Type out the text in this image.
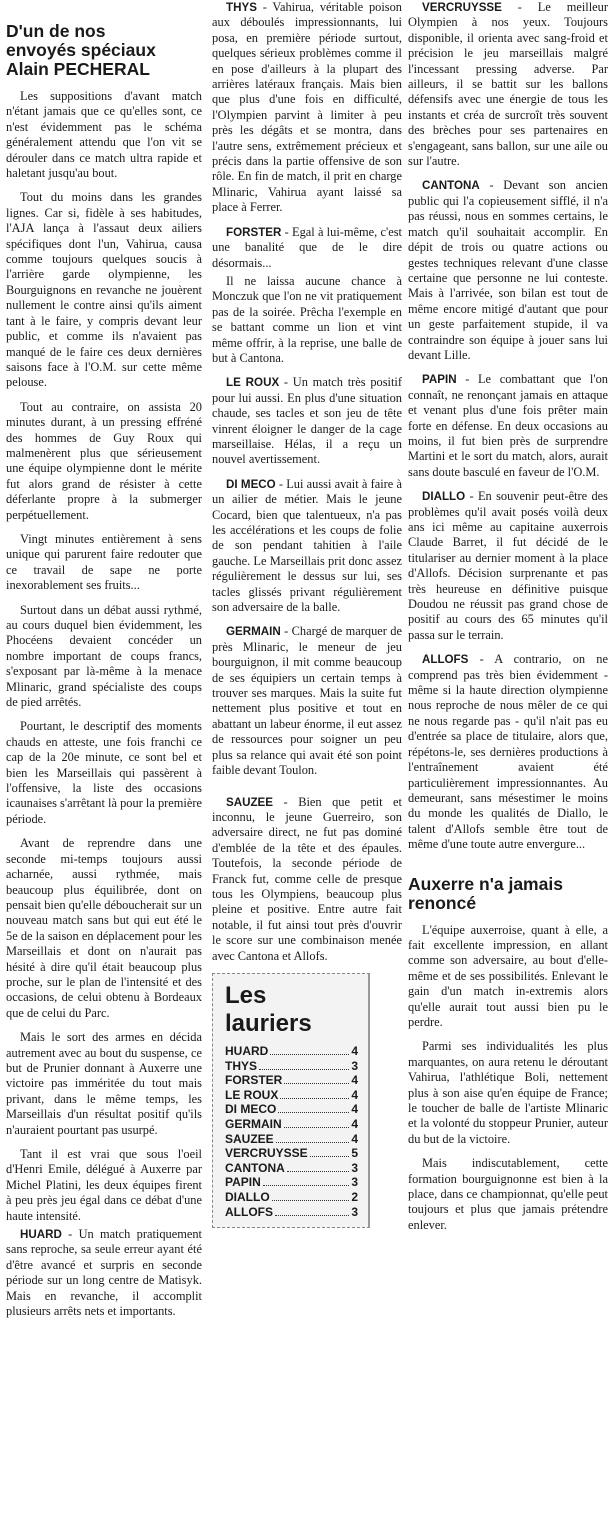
D'un de nos
envoyés spéciaux
Alain PECHERAL

Les suppositions d'avant match n'étant jamais que ce qu'elles sont, ce n'est évidemment pas le schéma généralement attendu que l'on vit se dérouler dans ce match ultra rapide et haletant jusqu'au bout.

Tout du moins dans les grandes lignes. Car si, fidèle à ses habitudes, l'AJA lança à l'assaut deux ailiers spécifiques dont l'un, Vahirua, causa comme toujours quelques soucis à l'arrière garde olympienne, les Bourguignons en revanche ne jouèrent nullement le contre ainsi qu'ils aiment tant à le faire, y compris devant leur public, et comme ils n'avaient pas manqué de le faire ces deux dernières saisons face à l'O.M. sur cette même pelouse.

Tout au contraire, on assista 20 minutes durant, à un pressing effréné des hommes de Guy Roux qui malmenèrent plus que sérieusement une équipe olympienne dont le mérite fut alors grand de résister à cette déferlante propre à la submerger perpétuellement.

Vingt minutes entièrement à sens unique qui parurent faire redouter que ce travail de sape ne porte inexorablement ses fruits...

Surtout dans un débat aussi rythmé, au cours duquel bien évidemment, les Phocéens devaient concéder un nombre important de coups francs, s'exposant par là-même à la menace Mlinaric, grand spécialiste des coups de pied arrêtés.

Pourtant, le descriptif des moments chauds en atteste, une fois franchi ce cap de la 20e minute, ce sont bel et bien les Marseillais qui passèrent à l'offensive, la liste des occasions icaunaises s'arrêtant là pour la première période.

Avant de reprendre dans une seconde mi-temps toujours aussi acharnée, aussi rythmée, mais beaucoup plus équilibrée, dont on pensait bien qu'elle déboucherait sur un nouveau match sans but qui eut été le 5e de la saison en déplacement pour les Marseillais et dont on n'aurait pas hésité à dire qu'il était beaucoup plus proche, sur le plan de l'intensité et des occasions, de celui obtenu à Bordeaux que de celui du Parc.

Mais le sort des armes en décida autrement avec au bout du suspense, ce but de Prunier donnant à Auxerre une victoire pas imméritée du tout mais privant, dans le même temps, les Marseillais d'un résultat positif qu'ils n'auraient pourtant pas usurpé.

Tant il est vrai que sous l'oeil d'Henri Emile, délégué à Auxerre par Michel Platini, les deux équipes firent à peu près jeu égal dans ce débat d'une haute intensité.

HUARD - Un match pratiquement sans reproche, sa seule erreur ayant été d'être avancé et surpris en seconde période sur un long centre de Matisyk. Mais en revanche, il accomplit plusieurs arrêts nets et importants.

THYS - Vahirua, véritable poison aux déboulés impressionnants, lui posa, en première période surtout, quelques sérieux problèmes comme il en pose d'ailleurs à la plupart des arrières latéraux français. Mais bien que plus d'une fois en difficulté, l'Olympien parvint à limiter à peu près les dégâts et se montra, dans l'autre sens, extrêmement précieux et précis dans la partie offensive de son rôle. En fin de match, il prit en charge Mlinaric, Vahirua ayant laissé sa place à Ferrer.

FORSTER - Egal à lui-même, c'est une banalité que de le dire désormais...

Il ne laissa aucune chance à Monczuk que l'on ne vit pratiquement pas de la soirée. Prêcha l'exemple en se battant comme un lion et vint même offrir, à la reprise, une balle de but à Cantona.

LE ROUX - Un match très positif pour lui aussi. En plus d'une situation chaude, ses tacles et son jeu de tête vinrent éloigner le danger de la cage marseillaise. Hélas, il a reçu un nouvel avertissement.

DI MECO - Lui aussi avait à faire à un ailier de métier. Mais le jeune Cocard, bien que talentueux, n'a pas les accélérations et les coups de folie de son pendant tahitien à l'aile gauche. Le Marseillais prit donc assez régulièrement le dessus sur lui, ses tacles glissés privant régulièrement son adversaire de la balle.

GERMAIN - Chargé de marquer de près Mlinaric, le meneur de jeu bourguignon, il mit comme beaucoup de ses équipiers un certain temps à trouver ses marques. Mais la suite fut nettement plus positive et tout en abattant un labeur énorme, il eut assez de ressources pour soigner un peu plus sa relance qui avait été son point faible devant Toulon.

SAUZEE - Bien que petit et inconnu, le jeune Guerreiro, son adversaire direct, ne fut pas dominé d'emblée de la tête et des épaules. Toutefois, la seconde période de Franck fut, comme celle de presque tous les Olympiens, beaucoup plus pleine et positive. Entre autre fait notable, il fut ainsi tout près d'ouvrir le score sur une combinaison menée avec Cantona et Allofs.

Les lauriers
HUARD	4
THYS	3
FORSTER	4
LE ROUX	4
DI MECO	4
GERMAIN	4
SAUZEE	4
VERCRUYSSE	5
CANTONA	3
PAPIN	3
DIALLO	2
ALLOFS	3

VERCRUYSSE - Le meilleur Olympien à nos yeux. Toujours disponible, il orienta avec sang-froid et précision le jeu marseillais malgré l'incessant pressing adverse. Par ailleurs, il se battit sur les ballons défensifs avec une énergie de tous les instants et créa de surcroît très souvent des brèches pour ses partenaires en s'engageant, sans ballon, sur une aile ou sur l'autre.

CANTONA - Devant son ancien public qui l'a copieusement sifflé, il n'a pas réussi, nous en sommes certains, le match qu'il souhaitait accomplir. En dépit de trois ou quatre actions ou gestes techniques relevant d'une classe certaine que personne ne lui conteste. Mais à l'arrivée, son bilan est tout de même encore mitigé d'autant que pour un geste parfaitement stupide, il va contraindre son équipe à jouer sans lui devant Lille.

PAPIN - Le combattant que l'on connaît, ne renonçant jamais en attaque et venant plus d'une fois prêter main forte en défense. En deux occasions au moins, il fut bien près de surprendre Martini et le sort du match, alors, aurait sans doute basculé en faveur de l'O.M.

DIALLO - En souvenir peut-être des problèmes qu'il avait posés voilà deux ans ici même au capitaine auxerrois Claude Barret, il fut décidé de le titulariser au dernier moment à la place d'Allofs. Décision surprenante et pas très heureuse en définitive puisque Doudou ne réussit pas grand chose de positif au cours des 65 minutes qu'il passa sur le terrain.

ALLOFS - A contrario, on ne comprend pas très bien évidemment - même si la haute direction olympienne nous reproche de nous mêler de ce qui ne nous regarde pas - qu'il n'ait pas eu d'entrée sa place de titulaire, alors que, répétons-le, ses dernières productions à l'entraînement avaient été particulièrement impressionnantes. Au demeurant, sans mésestimer le moins du monde les qualités de Diallo, le talent d'Allofs semble être tout de même d'une toute autre envergure...

Auxerre n'a jamais
renoncé

L'équipe auxerroise, quant à elle, a fait excellente impression, en allant comme son adversaire, au bout d'elle-même et de ses possibilités. Enlevant le gain d'un match in-extremis alors qu'elle aurait tout aussi bien pu le perdre.

Parmi ses individualités les plus marquantes, on aura retenu le déroutant Vahirua, l'athlétique Boli, nettement plus à son aise qu'en équipe de France; le toucher de balle de l'artiste Mlinaric et la volonté du stoppeur Prunier, auteur du but de la victoire.

Mais indiscutablement, cette formation bourguignonne est bien à la place, dans ce championnat, qu'elle peut toujours et plus que jamais prétendre enlever.
